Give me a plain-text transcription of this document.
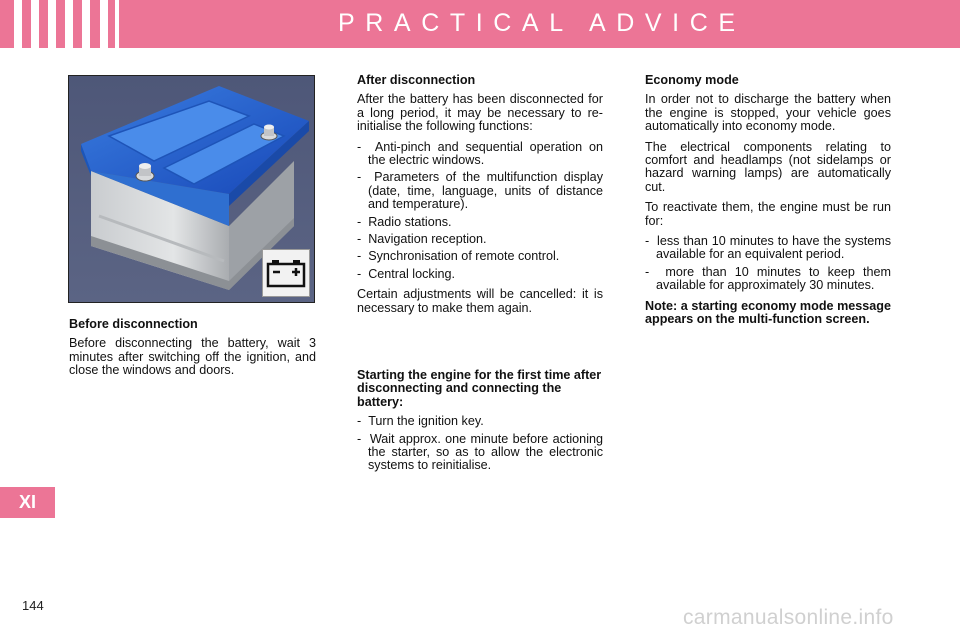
PRACTICAL ADVICE
Before disconnection

Before disconnecting the battery, wait 3 minutes after switching off the ignition, and close the windows and doors.

After disconnection

After the battery has been disconnected for a long period, it may be necessary to re-initialise the following functions:

-  Anti-pinch and sequential operation on the electric windows.
-  Parameters of the multifunction display (date, time, language, units of distance and temperature).
-  Radio stations.
-  Navigation reception.
-  Synchronisation of remote control.
-  Central locking.

Certain adjustments will be cancelled: it is necessary to make them again.

Starting the engine for the first time after disconnecting and connecting the battery:
-  Turn the ignition key.
-  Wait approx. one minute before actioning the starter, so as to allow the electronic systems to reinitialise.
Economy mode

In order not to discharge the battery when the engine is stopped, your vehicle goes automatically into economy mode.

The electrical components relating to comfort and headlamps (not sidelamps or hazard warning lamps) are automatically cut.

To reactivate them, the engine must be run for:

-  less than 10 minutes to have the systems available for an equivalent period.
-  more than 10 minutes to keep them available for approximately 30 minutes.

Note: a starting economy mode message appears on the multi-function screen.

XI
144
carmanualsonline.info
